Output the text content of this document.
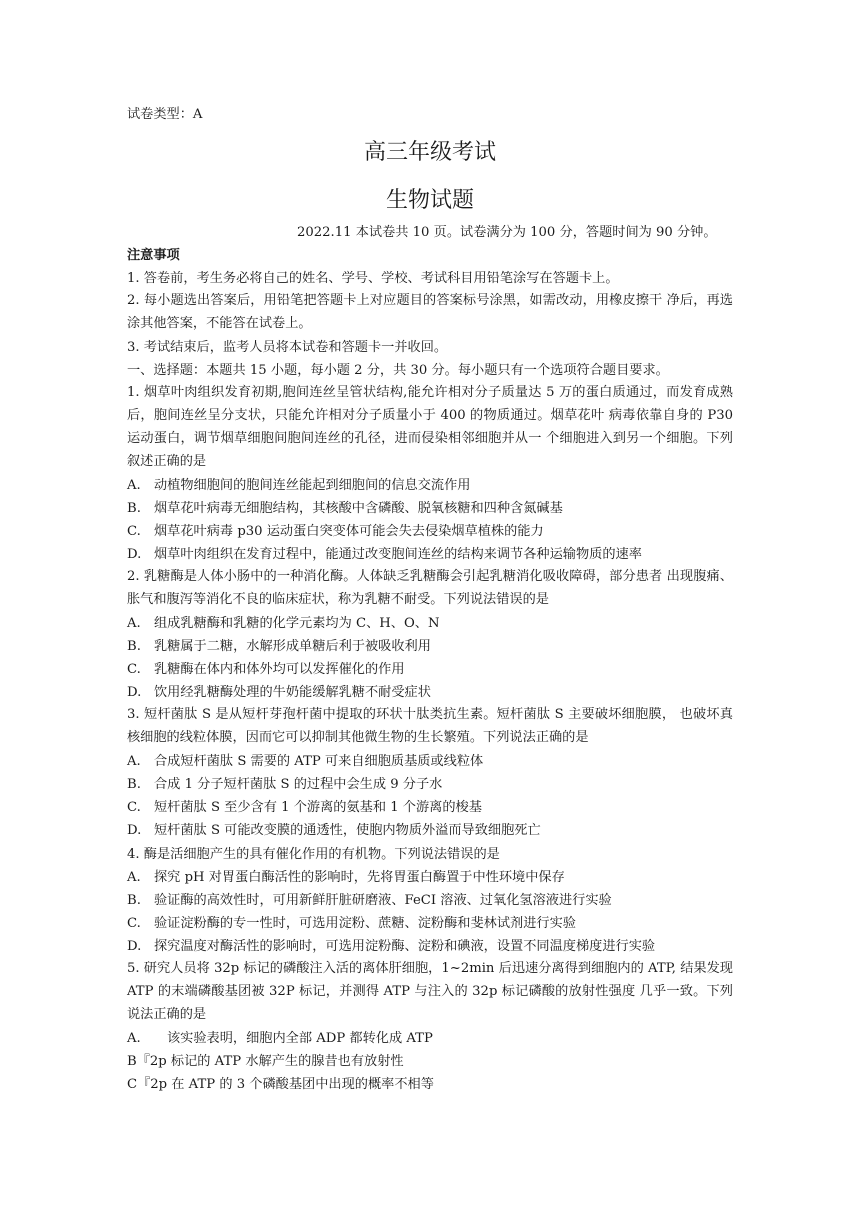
试卷类型：A
高三年级考试
生物试题
2022.11 本试卷共 10 页。试卷满分为 100 分，答题时间为 90 分钟。
注意事项
1. 答卷前，考生务必将自己的姓名、学号、学校、考试科目用铅笔涂写在答题卡上。
2. 每小题选出答案后，用铅笔把答题卡上对应题目的答案标号涂黑，如需改动，用橡皮擦干 净后，再选涂其他答案，不能答在试卷上。
3. 考试结束后，监考人员将本试卷和答题卡一并收回。
一、选择题：本题共 15 小题，每小题 2 分，共 30 分。每小题只有一个选项符合题目要求。
1. 烟草叶肉组织发育初期,胞间连丝呈管状结构,能允许相对分子质量达 5 万的蛋白质通过，而发育成熟后，胞间连丝呈分支状，只能允许相对分子质量小于 400 的物质通过。烟草花叶 病毒依靠自身的 P30 运动蛋白，调节烟草细胞间胞间连丝的孔径，进而侵染相邻细胞并从一 个细胞进入到另一个细胞。下列叙述正确的是
A. 动植物细胞间的胞间连丝能起到细胞间的信息交流作用
B. 烟草花叶病毒无细胞结构，其核酸中含磷酸、脱氧核糖和四种含氮碱基
C. 烟草花叶病毒 p30 运动蛋白突变体可能会失去侵染烟草植株的能力
D. 烟草叶肉组织在发育过程中，能通过改变胞间连丝的结构来调节各种运输物质的速率
2. 乳糖酶是人体小肠中的一种消化酶。人体缺乏乳糖酶会引起乳糖消化吸收障碍，部分患者 出现腹痛、胀气和腹泻等消化不良的临床症状，称为乳糖不耐受。下列说法错误的是
A. 组成乳糖酶和乳糖的化学元素均为 C、H、O、N
B. 乳糖属于二糖，水解形成单糖后利于被吸收利用
C. 乳糖酶在体内和体外均可以发挥催化的作用
D. 饮用经乳糖酶处理的牛奶能缓解乳糖不耐受症状
3. 短杆菌肽 S 是从短杆芽孢杆菌中提取的环状十肽类抗生素。短杆菌肽 S 主要破坏细胞膜， 也破坏真核细胞的线粒体膜，因而它可以抑制其他微生物的生长繁殖。下列说法正确的是
A. 合成短杆菌肽 S 需要的 ATP 可来自细胞质基质或线粒体
B. 合成 1 分子短杆菌肽 S 的过程中会生成 9 分子水
C. 短杆菌肽 S 至少含有 1 个游离的氨基和 1 个游离的梭基
D. 短杆菌肽 S 可能改变膜的通透性，使胞内物质外溢而导致细胞死亡
4. 酶是活细胞产生的具有催化作用的有机物。下列说法错误的是
A. 探究 pH 对胃蛋白酶活性的影响时，先将胃蛋白酶置于中性环境中保存
B. 验证酶的高效性时，可用新鲜肝脏研磨液、FeCI 溶液、过氧化氢溶液进行实验
C. 验证淀粉酶的专一性时，可选用淀粉、蔗糖、淀粉酶和斐林试剂进行实验
D. 探究温度对酶活性的影响时，可选用淀粉酶、淀粉和碘液，设置不同温度梯度进行实验
5. 研究人员将 32p 标记的磷酸注入活的离体肝细胞，1~2min 后迅速分离得到细胞内的 ATP, 结果发现 ATP 的末端磷酸基团被 32P 标记，并测得 ATP 与注入的 32p 标记磷酸的放射性强度 几乎一致。下列说法正确的是
A. 该实验表明，细胞内全部 ADP 都转化成 ATP
B『2p 标记的 ATP 水解产生的腺昔也有放射性
C『2p 在 ATP 的 3 个磷酸基团中出现的概率不相等
